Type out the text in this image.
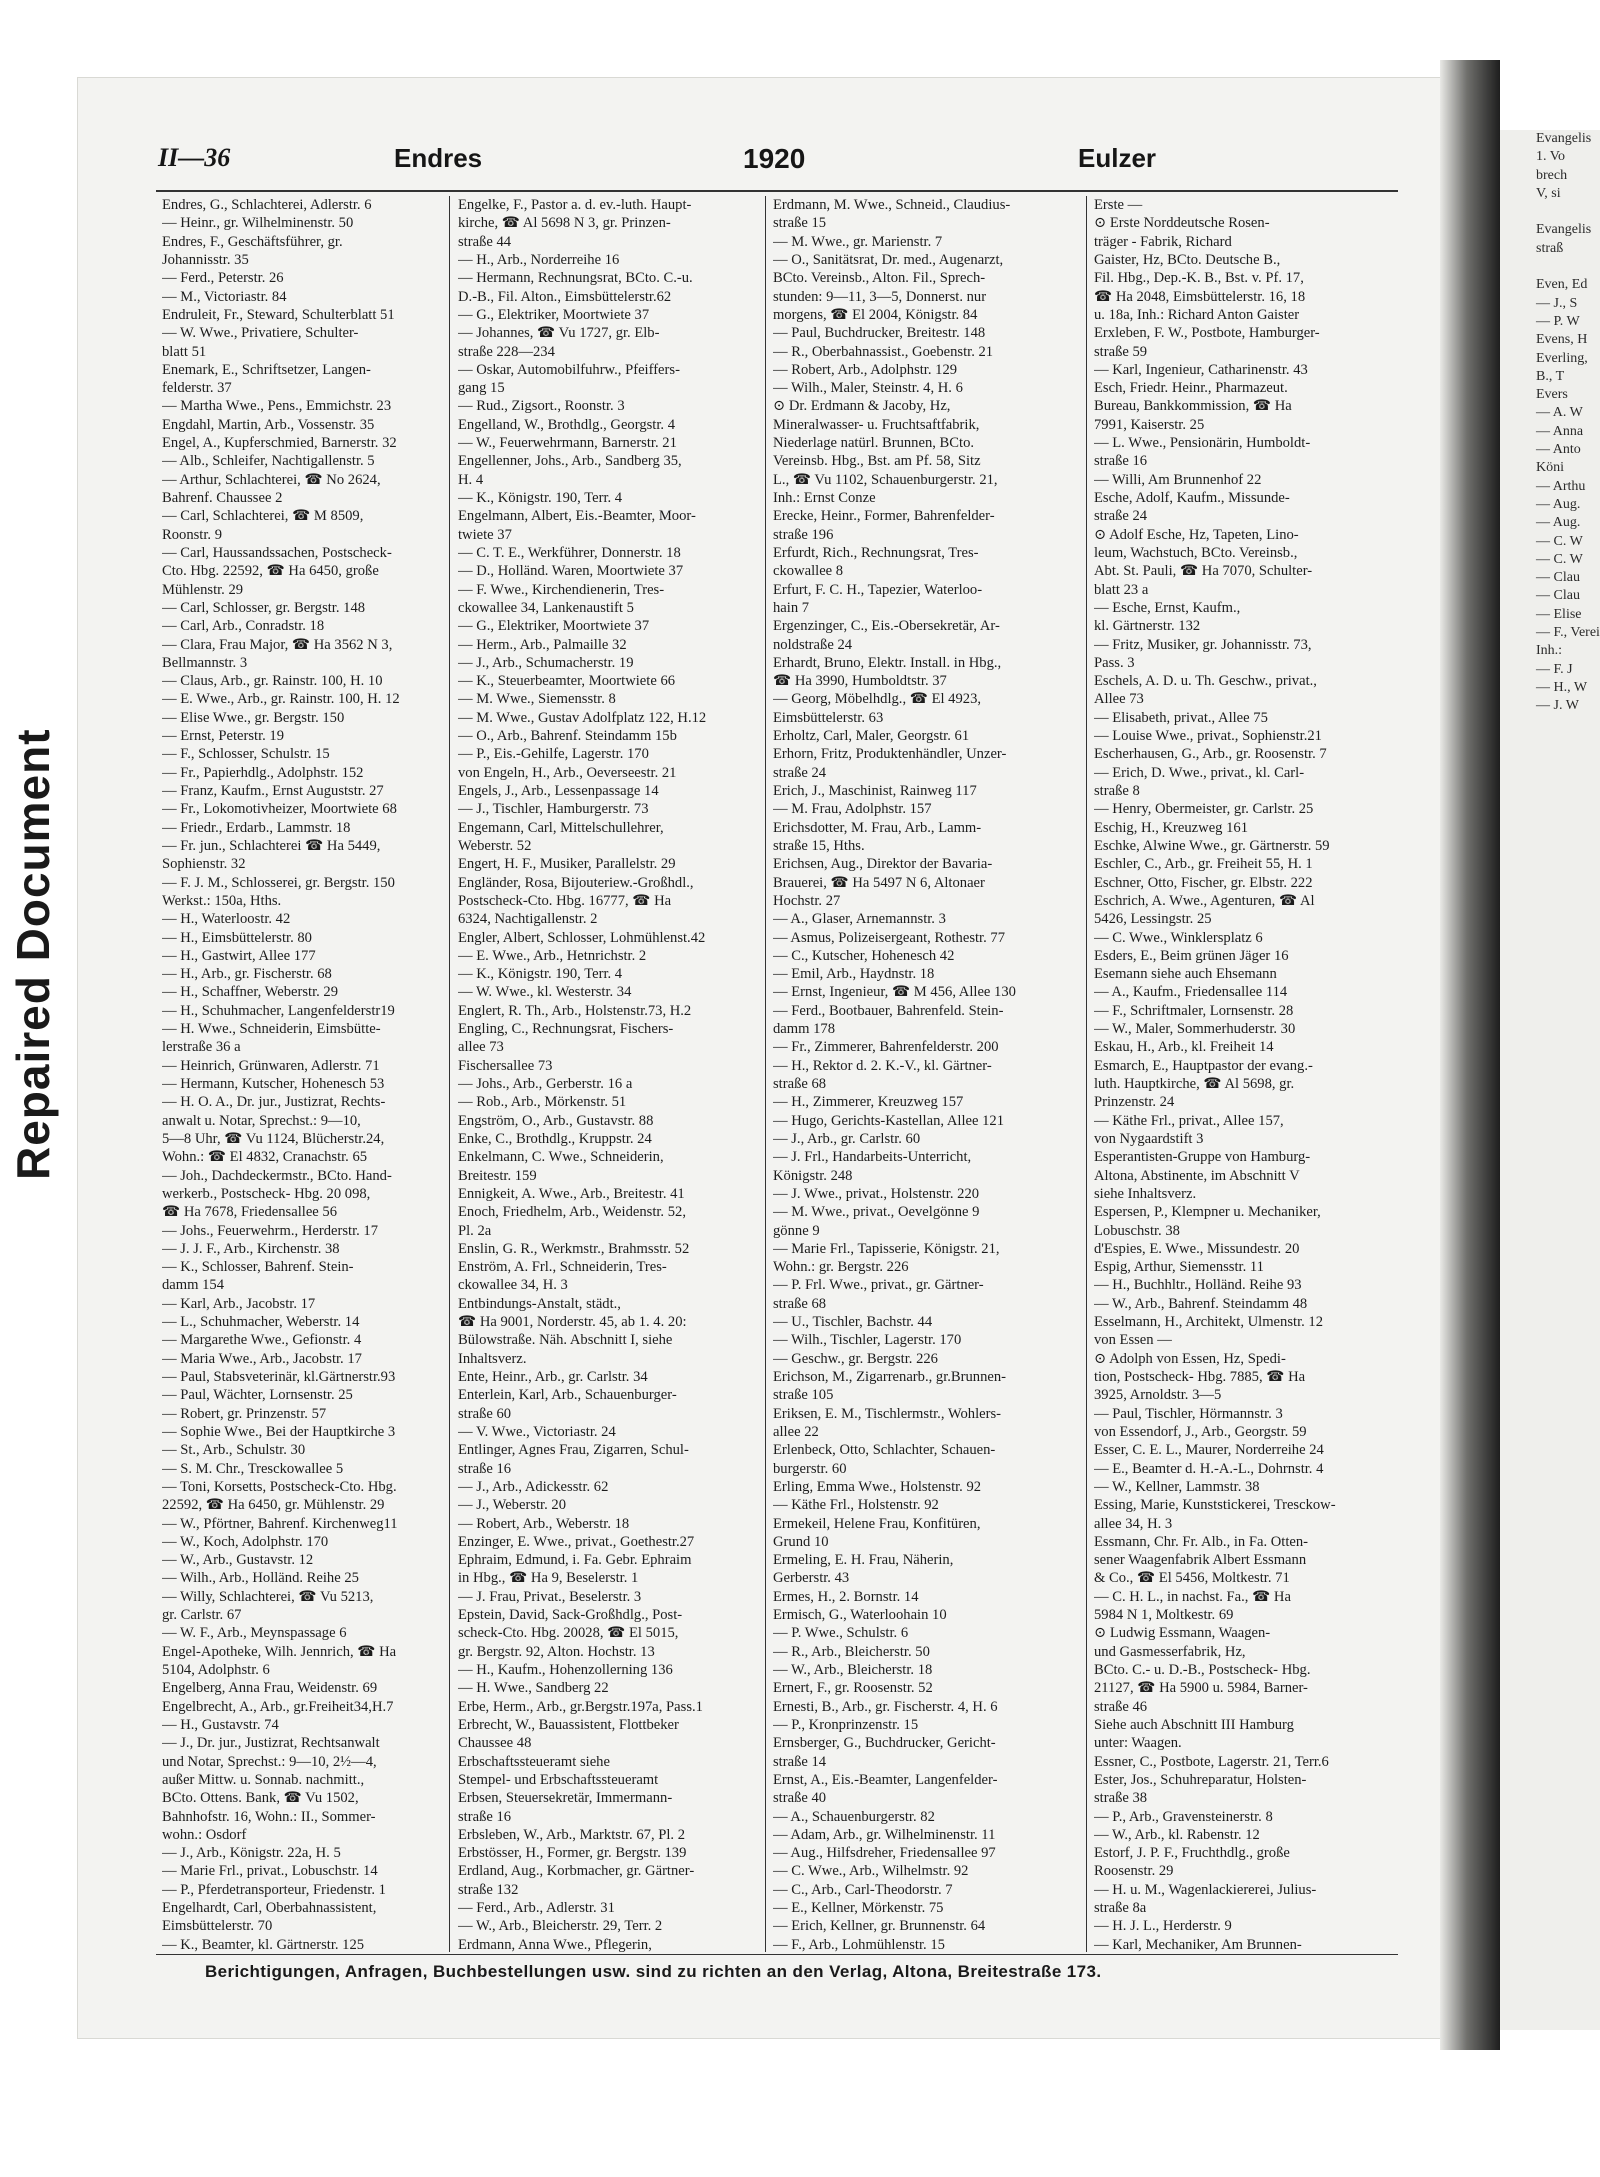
Repaired Document
Evangelis
1. Vo
brech
V, si

Evangelis
straß

Even, Ed
— J., S
— P. W
Evens, H
Everling,
B., T
Evers
— A. W
— Anna
— Anto
Köni
— Arthu
— Aug.
— Aug.
— C. W
— C. W
— Clau
— Clau
— Elise
— F., Verei
Inh.:
— F. J
— H., W
— J. W
II—36	Endres	1920	Eulzer
Endres, G., Schlachterei, Adlerstr. 6
— Heinr., gr. Wilhelminenstr. 50
Endres, F., Geschäftsführer, gr.
Johannisstr. 35
— Ferd., Peterstr. 26
— M., Victoriastr. 84
Endruleit, Fr., Steward, Schulterblatt 51
— W. Wwe., Privatiere, Schulter-
blatt 51
Enemark, E., Schriftsetzer, Langen-
felderstr. 37
— Martha Wwe., Pens., Emmichstr. 23
Engdahl, Martin, Arb., Vossenstr. 35
Engel, A., Kupferschmied, Barnerstr. 32
— Alb., Schleifer, Nachtigallenstr. 5
— Arthur, Schlachterei, ☎ No 2624,
Bahrenf. Chaussee 2
— Carl, Schlachterei, ☎ M 8509,
Roonstr. 9
— Carl, Haussandssachen, Postscheck-
Cto. Hbg. 22592, ☎ Ha 6450, große
Mühlenstr. 29
— Carl, Schlosser, gr. Bergstr. 148
— Carl, Arb., Conradstr. 18
— Clara, Frau Major, ☎ Ha 3562 N 3,
Bellmannstr. 3
— Claus, Arb., gr. Rainstr. 100, H. 10
— E. Wwe., Arb., gr. Rainstr. 100, H. 12
— Elise Wwe., gr. Bergstr. 150
— Ernst, Peterstr. 19
— F., Schlosser, Schulstr. 15
— Fr., Papierhdlg., Adolphstr. 152
— Franz, Kaufm., Ernst Auguststr. 27
— Fr., Lokomotivheizer, Moortwiete 68
— Friedr., Erdarb., Lammstr. 18
— Fr. jun., Schlachterei ☎ Ha 5449,
Sophienstr. 32
— F. J. M., Schlosserei, gr. Bergstr. 150
Werkst.: 150a, Hths.
— H., Waterloostr. 42
— H., Eimsbüttelerstr. 80
— H., Gastwirt, Allee 177
— H., Arb., gr. Fischerstr. 68
— H., Schaffner, Weberstr. 29
— H., Schuhmacher, Langenfelderstr19
— H. Wwe., Schneiderin, Eimsbütte-
lerstraße 36 a
— Heinrich, Grünwaren, Adlerstr. 71
— Hermann, Kutscher, Hohenesch 53
— H. O. A., Dr. jur., Justizrat, Rechts-
anwalt u. Notar, Sprechst.: 9—10,
5—8 Uhr, ☎ Vu 1124, Blücherstr.24,
Wohn.: ☎ El 4832, Cranachstr. 65
— Joh., Dachdeckermstr., BCto. Hand-
werkerb., Postscheck- Hbg. 20 098,
☎ Ha 7678, Friedensallee 56
— Johs., Feuerwehrm., Herderstr. 17
— J. J. F., Arb., Kirchenstr. 38
— K., Schlosser, Bahrenf. Stein-
damm 154
— Karl, Arb., Jacobstr. 17
— L., Schuhmacher, Weberstr. 14
— Margarethe Wwe., Gefionstr. 4
— Maria Wwe., Arb., Jacobstr. 17
— Paul, Stabsveterinär, kl.Gärtnerstr.93
— Paul, Wächter, Lornsenstr. 25
— Robert, gr. Prinzenstr. 57
— Sophie Wwe., Bei der Hauptkirche 3
— St., Arb., Schulstr. 30
— S. M. Chr., Tresckowallee 5
— Toni, Korsetts, Postscheck-Cto. Hbg.
22592, ☎ Ha 6450, gr. Mühlenstr. 29
— W., Pförtner, Bahrenf. Kirchenweg11
— W., Koch, Adolphstr. 170
— W., Arb., Gustavstr. 12
— Wilh., Arb., Holländ. Reihe 25
— Willy, Schlachterei, ☎ Vu 5213,
gr. Carlstr. 67
— W. F., Arb., Meynspassage 6
Engel-Apotheke, Wilh. Jennrich, ☎ Ha
5104, Adolphstr. 6
Engelberg, Anna Frau, Weidenstr. 69
Engelbrecht, A., Arb., gr.Freiheit34,H.7
— H., Gustavstr. 74
— J., Dr. jur., Justizrat, Rechtsanwalt
und Notar, Sprechst.: 9—10, 2½—4,
außer Mittw. u. Sonnab. nachmitt.,
BCto. Ottens. Bank, ☎ Vu 1502,
Bahnhofstr. 16, Wohn.: II., Sommer-
wohn.: Osdorf
— J., Arb., Königstr. 22a, H. 5
— Marie Frl., privat., Lobuschstr. 14
— P., Pferdetransporteur, Friedenstr. 1
Engelhardt, Carl, Oberbahnassistent,
Eimsbüttelerstr. 70
— K., Beamter, kl. Gärtnerstr. 125
Engelke, F., Pastor a. d. ev.-luth. Haupt-
kirche, ☎ Al 5698 N 3, gr. Prinzen-
straße 44
— H., Arb., Norderreihe 16
— Hermann, Rechnungsrat, BCto. C.-u.
D.-B., Fil. Alton., Eimsbüttelerstr.62
— G., Elektriker, Moortwiete 37
— Johannes, ☎ Vu 1727, gr. Elb-
straße 228—234
— Oskar, Automobilfuhrw., Pfeiffers-
gang 15
— Rud., Zigsort., Roonstr. 3
Engelland, W., Brothdlg., Georgstr. 4
— W., Feuerwehrmann, Barnerstr. 21
Engellenner, Johs., Arb., Sandberg 35,
H. 4
— K., Königstr. 190, Terr. 4
Engelmann, Albert, Eis.-Beamter, Moor-
twiete 37
— C. T. E., Werkführer, Donnerstr. 18
— D., Holländ. Waren, Moortwiete 37
— F. Wwe., Kirchendienerin, Tres-
ckowallee 34, Lankenaustift 5
— G., Elektriker, Moortwiete 37
— Herm., Arb., Palmaille 32
— J., Arb., Schumacherstr. 19
— K., Steuerbeamter, Moortwiete 66
— M. Wwe., Siemensstr. 8
— M. Wwe., Gustav Adolfplatz 122, H.12
— O., Arb., Bahrenf. Steindamm 15b
— P., Eis.-Gehilfe, Lagerstr. 170
von Engeln, H., Arb., Oeverseestr. 21
Engels, J., Arb., Lessenpassage 14
— J., Tischler, Hamburgerstr. 73
Engemann, Carl, Mittelschullehrer,
Weberstr. 52
Engert, H. F., Musiker, Parallelstr. 29
Engländer, Rosa, Bijouteriew.-Großhdl.,
Postscheck-Cto. Hbg. 16777, ☎ Ha
6324, Nachtigallenstr. 2
Engler, Albert, Schlosser, Lohmühlenst.42
— E. Wwe., Arb., Hetnrichstr. 2
— K., Königstr. 190, Terr. 4
— W. Wwe., kl. Westerstr. 34
Englert, R. Th., Arb., Holstenstr.73, H.2
Engling, C., Rechnungsrat, Fischers-
allee 73
Fischersallee 73
— Johs., Arb., Gerberstr. 16 a
— Rob., Arb., Mörkenstr. 51
Engström, O., Arb., Gustavstr. 88
Enke, C., Brothdlg., Kruppstr. 24
Enkelmann, C. Wwe., Schneiderin,
Breitestr. 159
Ennigkeit, A. Wwe., Arb., Breitestr. 41
Enoch, Friedhelm, Arb., Weidenstr. 52,
Pl. 2a
Enslin, G. R., Werkmstr., Brahmsstr. 52
Enström, A. Frl., Schneiderin, Tres-
ckowallee 34, H. 3
Entbindungs-Anstalt, städt.,
☎ Ha 9001, Norderstr. 45, ab 1. 4. 20:
Bülowstraße. Näh. Abschnitt I, siehe
Inhaltsverz.
Ente, Heinr., Arb., gr. Carlstr. 34
Enterlein, Karl, Arb., Schauenburger-
straße 60
— V. Wwe., Victoriastr. 24
Entlinger, Agnes Frau, Zigarren, Schul-
straße 16
— J., Arb., Adickesstr. 62
— J., Weberstr. 20
— Robert, Arb., Weberstr. 18
Enzinger, E. Wwe., privat., Goethestr.27
Ephraim, Edmund, i. Fa. Gebr. Ephraim
in Hbg., ☎ Ha 9, Beselerstr. 1
— J. Frau, Privat., Beselerstr. 3
Epstein, David, Sack-Großhdlg., Post-
scheck-Cto. Hbg. 20028, ☎ El 5015,
gr. Bergstr. 92, Alton. Hochstr. 13
— H., Kaufm., Hohenzollerning 136
— H. Wwe., Sandberg 22
Erbe, Herm., Arb., gr.Bergstr.197a, Pass.1
Erbrecht, W., Bauassistent, Flottbeker
Chaussee 48
Erbschaftssteueramt siehe
Stempel- und Erbschaftssteueramt
Erbsen, Steuersekretär, Immermann-
straße 16
Erbsleben, W., Arb., Marktstr. 67, Pl. 2
Erbstösser, H., Former, gr. Bergstr. 139
Erdland, Aug., Korbmacher, gr. Gärtner-
straße 132
— Ferd., Arb., Adlerstr. 31
— W., Arb., Bleicherstr. 29, Terr. 2
Erdmann, Anna Wwe., Pflegerin,
Erdmann, M. Wwe., Schneid., Claudius-
straße 15
— M. Wwe., gr. Marienstr. 7
— O., Sanitätsrat, Dr. med., Augenarzt,
BCto. Vereinsb., Alton. Fil., Sprech-
stunden: 9—11, 3—5, Donnerst. nur
morgens, ☎ El 2004, Königstr. 84
— Paul, Buchdrucker, Breitestr. 148
— R., Oberbahnassist., Goebenstr. 21
— Robert, Arb., Adolphstr. 129
— Wilh., Maler, Steinstr. 4, H. 6
⊙ Dr. Erdmann & Jacoby, Hz,
Mineralwasser- u. Fruchtsaftfabrik,
Niederlage natürl. Brunnen, BCto.
Vereinsb. Hbg., Bst. am Pf. 58, Sitz
L., ☎ Vu 1102, Schauenburgerstr. 21,
Inh.: Ernst Conze
Erecke, Heinr., Former, Bahrenfelder-
straße 196
Erfurdt, Rich., Rechnungsrat, Tres-
ckowallee 8
Erfurt, F. C. H., Tapezier, Waterloo-
hain 7
Ergenzinger, C., Eis.-Obersekretär, Ar-
noldstraße 24
Erhardt, Bruno, Elektr. Install. in Hbg.,
☎ Ha 3990, Humboldtstr. 37
— Georg, Möbelhdlg., ☎ El 4923,
Eimsbüttelerstr. 63
Erholtz, Carl, Maler, Georgstr. 61
Erhorn, Fritz, Produktenhändler, Unzer-
straße 24
Erich, J., Maschinist, Rainweg 117
— M. Frau, Adolphstr. 157
Erichsdotter, M. Frau, Arb., Lamm-
straße 15, Hths.
Erichsen, Aug., Direktor der Bavaria-
Brauerei, ☎ Ha 5497 N 6, Altonaer
Hochstr. 27
— A., Glaser, Arnemannstr. 3
— Asmus, Polizeisergeant, Rothestr. 77
— C., Kutscher, Hohenesch 42
— Emil, Arb., Haydnstr. 18
— Ernst, Ingenieur, ☎ M 456, Allee 130
— Ferd., Bootbauer, Bahrenfeld. Stein-
damm 178
— Fr., Zimmerer, Bahrenfelderstr. 200
— H., Rektor d. 2. K.-V., kl. Gärtner-
straße 68
— H., Zimmerer, Kreuzweg 157
— Hugo, Gerichts-Kastellan, Allee 121
— J., Arb., gr. Carlstr. 60
— J. Frl., Handarbeits-Unterricht,
Königstr. 248
— J. Wwe., privat., Holstenstr. 220
— M. Wwe., privat., Oevelgönne 9
gönne 9
— Marie Frl., Tapisserie, Königstr. 21,
Wohn.: gr. Bergstr. 226
— P. Frl. Wwe., privat., gr. Gärtner-
straße 68
— U., Tischler, Bachstr. 44
— Wilh., Tischler, Lagerstr. 170
— Geschw., gr. Bergstr. 226
Erichson, M., Zigarrenarb., gr.Brunnen-
straße 105
Eriksen, E. M., Tischlermstr., Wohlers-
allee 22
Erlenbeck, Otto, Schlachter, Schauen-
burgerstr. 60
Erling, Emma Wwe., Holstenstr. 92
— Käthe Frl., Holstenstr. 92
Ermekeil, Helene Frau, Konfitüren,
Grund 10
Ermeling, E. H. Frau, Näherin,
Gerberstr. 43
Ermes, H., 2. Bornstr. 14
Ermisch, G., Waterloohain 10
— P. Wwe., Schulstr. 6
— R., Arb., Bleicherstr. 50
— W., Arb., Bleicherstr. 18
Ernert, F., gr. Roosenstr. 52
Ernesti, B., Arb., gr. Fischerstr. 4, H. 6
— P., Kronprinzenstr. 15
Ernsberger, G., Buchdrucker, Gericht-
straße 14
Ernst, A., Eis.-Beamter, Langenfelder-
straße 40
— A., Schauenburgerstr. 82
— Adam, Arb., gr. Wilhelminenstr. 11
— Aug., Hilfsdreher, Friedensallee 97
— C. Wwe., Arb., Wilhelmstr. 92
— C., Arb., Carl-Theodorstr. 7
— E., Kellner, Mörkenstr. 75
— Erich, Kellner, gr. Brunnenstr. 64
— F., Arb., Lohmühlenstr. 15
Erste —
⊙ Erste Norddeutsche Rosen-
träger - Fabrik, Richard
Gaister, Hz, BCto. Deutsche B.,
Fil. Hbg., Dep.-K. B., Bst. v. Pf. 17,
☎ Ha 2048, Eimsbüttelerstr. 16, 18
u. 18a, Inh.: Richard Anton Gaister
Erxleben, F. W., Postbote, Hamburger-
straße 59
— Karl, Ingenieur, Catharinenstr. 43
Esch, Friedr. Heinr., Pharmazeut.
Bureau, Bankkommission, ☎ Ha
7991, Kaiserstr. 25
— L. Wwe., Pensionärin, Humboldt-
straße 16
— Willi, Am Brunnenhof 22
Esche, Adolf, Kaufm., Missunde-
straße 24
⊙ Adolf Esche, Hz, Tapeten, Lino-
leum, Wachstuch, BCto. Vereinsb.,
Abt. St. Pauli, ☎ Ha 7070, Schulter-
blatt 23 a
— Esche, Ernst, Kaufm.,
kl. Gärtnerstr. 132
— Fritz, Musiker, gr. Johannisstr. 73,
Pass. 3
Eschels, A. D. u. Th. Geschw., privat.,
Allee 73
— Elisabeth, privat., Allee 75
— Louise Wwe., privat., Sophienstr.21
Escherhausen, G., Arb., gr. Roosenstr. 7
— Erich, D. Wwe., privat., kl. Carl-
straße 8
— Henry, Obermeister, gr. Carlstr. 25
Eschig, H., Kreuzweg 161
Eschke, Alwine Wwe., gr. Gärtnerstr. 59
Eschler, C., Arb., gr. Freiheit 55, H. 1
Eschner, Otto, Fischer, gr. Elbstr. 222
Eschrich, A. Wwe., Agenturen, ☎ Al
5426, Lessingstr. 25
— C. Wwe., Winklersplatz 6
Esders, E., Beim grünen Jäger 16
Esemann siehe auch Ehsemann
— A., Kaufm., Friedensallee 114
— F., Schriftmaler, Lornsenstr. 28
— W., Maler, Sommerhuderstr. 30
Eskau, H., Arb., kl. Freiheit 14
Esmarch, E., Hauptpastor der evang.-
luth. Hauptkirche, ☎ Al 5698, gr.
Prinzenstr. 24
— Käthe Frl., privat., Allee 157,
von Nygaardstift 3
Esperantisten-Gruppe von Hamburg-
Altona, Abstinente, im Abschnitt V
siehe Inhaltsverz.
Espersen, P., Klempner u. Mechaniker,
Lobuschstr. 38
d'Espies, E. Wwe., Missundestr. 20
Espig, Arthur, Siemensstr. 11
— H., Buchhltr., Holländ. Reihe 93
— W., Arb., Bahrenf. Steindamm 48
Esselmann, H., Architekt, Ulmenstr. 12
von Essen —
⊙ Adolph von Essen, Hz, Spedi-
tion, Postscheck- Hbg. 7885, ☎ Ha
3925, Arnoldstr. 3—5
— Paul, Tischler, Hörmannstr. 3
von Essendorf, J., Arb., Georgstr. 59
Esser, C. E. L., Maurer, Norderreihe 24
— E., Beamter d. H.-A.-L., Dohrnstr. 4
— W., Kellner, Lammstr. 38
Essing, Marie, Kunststickerei, Tresckow-
allee 34, H. 3
Essmann, Chr. Fr. Alb., in Fa. Otten-
sener Waagenfabrik Albert Essmann
& Co., ☎ El 5456, Moltkestr. 71
— C. H. L., in nachst. Fa., ☎ Ha
5984 N 1, Moltkestr. 69
⊙ Ludwig Essmann, Waagen-
und Gasmesserfabrik, Hz,
BCto. C.- u. D.-B., Postscheck- Hbg.
21127, ☎ Ha 5900 u. 5984, Barner-
straße 46
Siehe auch Abschnitt III Hamburg
unter: Waagen.
Essner, C., Postbote, Lagerstr. 21, Terr.6
Ester, Jos., Schuhreparatur, Holsten-
straße 38
— P., Arb., Gravensteinerstr. 8
— W., Arb., kl. Rabenstr. 12
Estorf, J. P. F., Fruchthdlg., große
Roosenstr. 29
— H. u. M., Wagenlackiererei, Julius-
straße 8a
— H. J. L., Herderstr. 9
— Karl, Mechaniker, Am Brunnen-
Berichtigungen, Anfragen, Buchbestellungen usw. sind zu richten an den Verlag, Altona, Breitestraße 173.
